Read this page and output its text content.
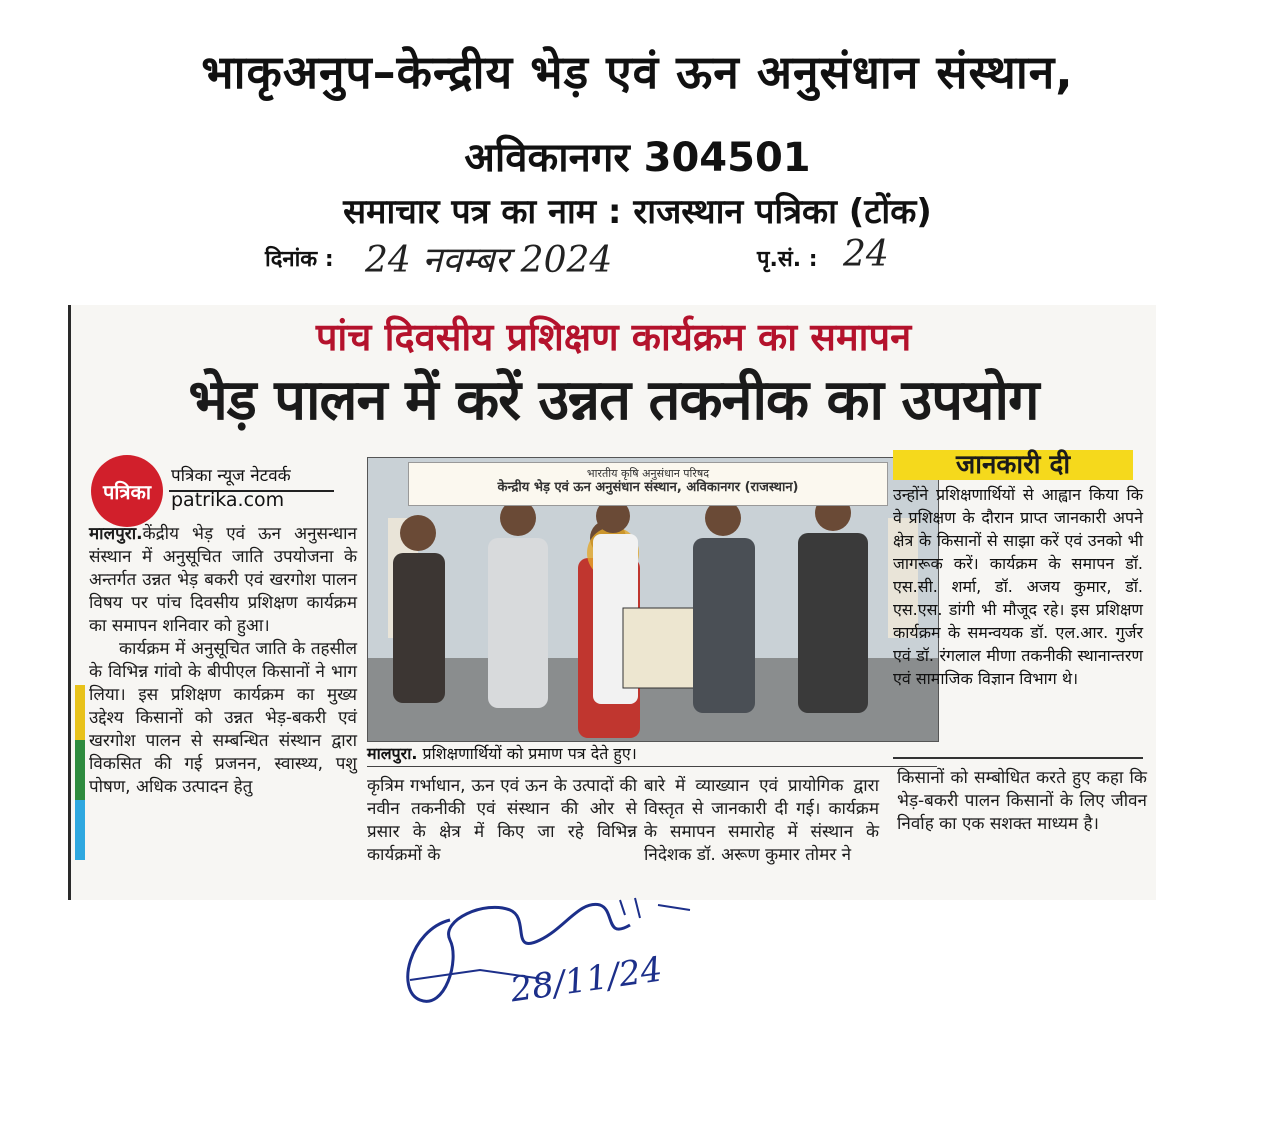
भाकृअनुप–केन्द्रीय भेड़ एवं ऊन अनुसंधान संस्थान,
अविकानगर 304501
समाचार पत्र का नाम : राजस्थान पत्रिका (टोंक)
दिनांक : 24 नवम्बर 2024	पृ.सं. : 24
पांच दिवसीय प्रशिक्षण कार्यक्रम का समापन
भेड़ पालन में करें उन्नत तकनीक का उपयोग
पत्रिका
पत्रिका न्यूज नेटवर्क
patrika.com

मालपुरा.केंद्रीय भेड़ एवं ऊन अनुसन्धान संस्थान में अनुसूचित जाति उपयोजना के अन्तर्गत उन्नत भेड़ बकरी एवं खरगोश पालन विषय पर पांच दिवसीय प्रशिक्षण कार्यक्रम का समापन शनिवार को हुआ।

कार्यक्रम में अनुसूचित जाति के तहसील के विभिन्न गांवो के बीपीएल किसानों ने भाग लिया। इस प्रशिक्षण कार्यक्रम का मुख्य उद्देश्य किसानों को उन्नत भेड़-बकरी एवं खरगोश पालन से सम्बन्धित संस्थान द्वारा विकसित की गई प्रजनन, स्वास्थ्य, पशु पोषण, अधिक उत्पादन हेतु

भारतीय कृषि अनुसंधान परिषद
केन्द्रीय भेड़ एवं ऊन अनुसंधान संस्थान, अविकानगर (राजस्थान)
मालपुरा. प्रशिक्षणार्थियों को प्रमाण पत्र देते हुए।
कृत्रिम गर्भाधान, ऊन एवं ऊन के उत्पादों की नवीन तकनीकी एवं संस्थान की ओर से प्रसार के क्षेत्र में किए जा रहे विभिन्न कार्यक्रमों के
बारे में व्याख्यान एवं प्रायोगिक द्वारा विस्तृत से जानकारी दी गई। कार्यक्रम के समापन समारोह में संस्थान के निदेशक डॉ. अरूण कुमार तोमर ने
जानकारी दी
उन्होंने प्रशिक्षणार्थियों से आह्वान किया कि वे प्रशिक्षण के दौरान प्राप्त जानकारी अपने क्षेत्र के किसानों से साझा करें एवं उनको भी जागरूक करें। कार्यक्रम के समापन डॉ. एस.सी. शर्मा, डॉ. अजय कुमार, डॉ. एस.एस. डांगी भी मौजूद रहे। इस प्रशिक्षण कार्यक्रम के समन्वयक डॉ. एल.आर. गुर्जर एवं डॉ. रंगलाल मीणा तकनीकी स्थानान्तरण एवं सामाजिक विज्ञान विभाग थे।
किसानों को सम्बोधित करते हुए कहा कि भेड़-बकरी पालन किसानों के लिए जीवन निर्वाह का एक सशक्त माध्यम है।
28/11/24
